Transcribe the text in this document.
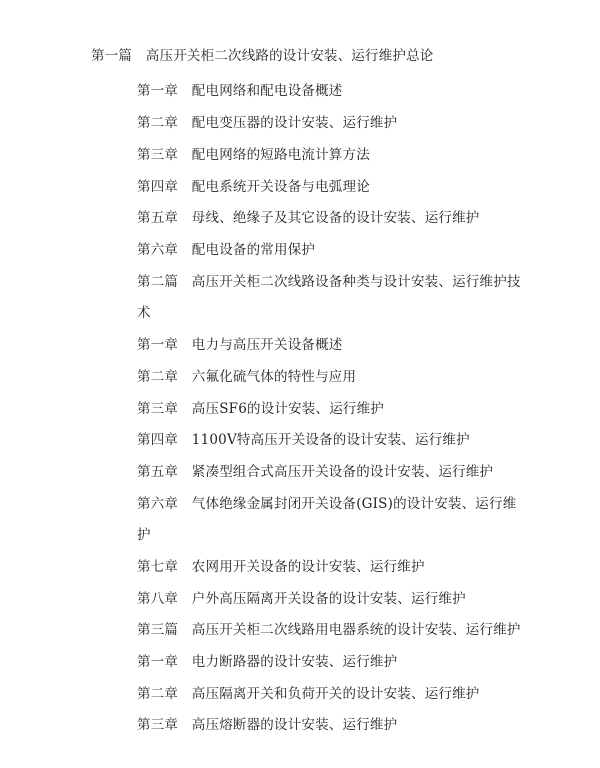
第一篇　高压开关柜二次线路的设计安装、运行维护总论
第一章　配电网络和配电设备概述
第二章　配电变压器的设计安装、运行维护
第三章　配电网络的短路电流计算方法
第四章　配电系统开关设备与电弧理论
第五章　母线、绝缘子及其它设备的设计安装、运行维护
第六章　配电设备的常用保护
第二篇　高压开关柜二次线路设备种类与设计安装、运行维护技
术
第一章　电力与高压开关设备概述
第二章　六氟化硫气体的特性与应用
第三章　高压SF6的设计安装、运行维护
第四章　1100V特高压开关设备的设计安装、运行维护
第五章　紧凑型组合式高压开关设备的设计安装、运行维护
第六章　气体绝缘金属封闭开关设备(GIS)的设计安装、运行维
护
第七章　农网用开关设备的设计安装、运行维护
第八章　户外高压隔离开关设备的设计安装、运行维护
第三篇　高压开关柜二次线路用电器系统的设计安装、运行维护
第一章　电力断路器的设计安装、运行维护
第二章　高压隔离开关和负荷开关的设计安装、运行维护
第三章　高压熔断器的设计安装、运行维护
